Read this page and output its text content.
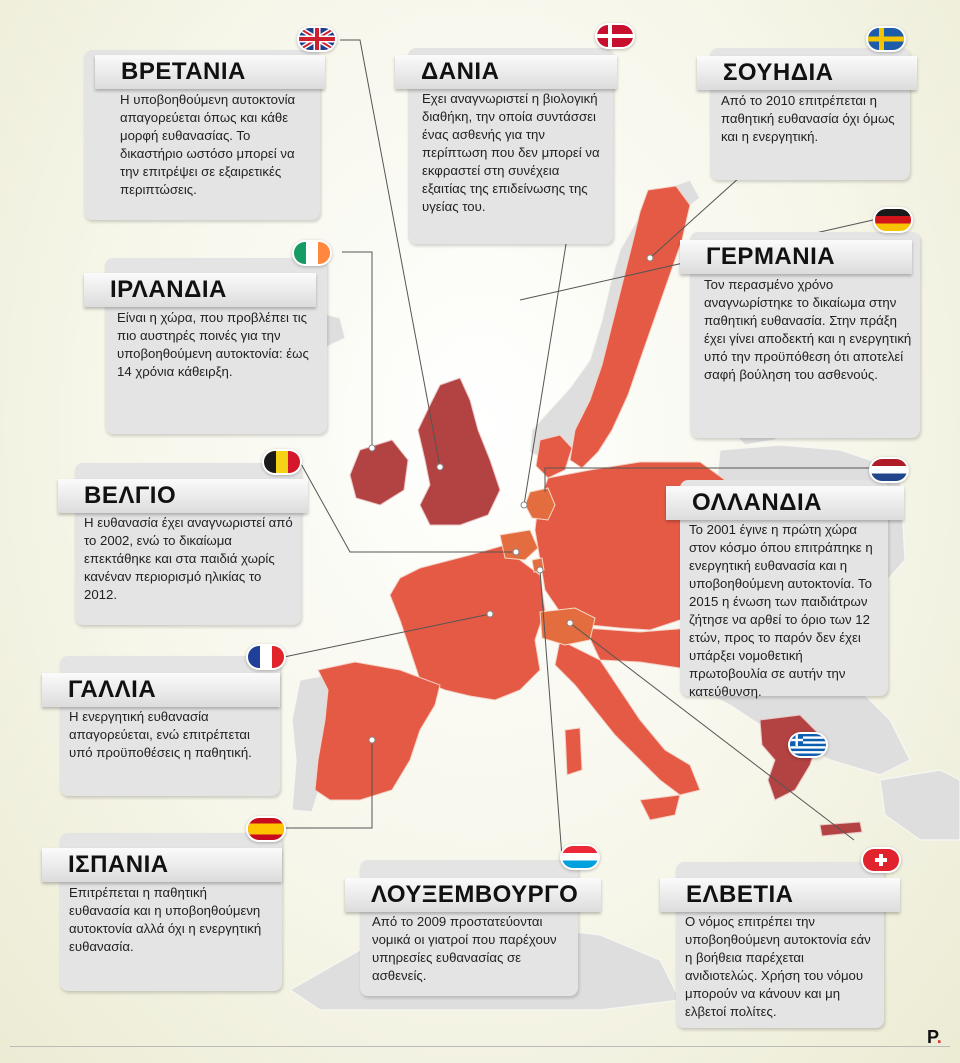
ΒΡΕΤΑΝΙΑ
Η υποβοηθούμενη αυτοκτονία απαγορεύεται όπως και κάθε μορφή ευθανασίας. Το δικαστήριο ωστόσο μπορεί να την επιτρέψει σε εξαιρετικές περιπτώσεις.
ΔΑΝΙΑ
Εχει αναγνωριστεί η βιολογική διαθήκη, την οποία συντάσσει ένας ασθενής για την περίπτωση που δεν μπορεί να εκφραστεί στη συνέχεια εξαιτίας της επιδείνωσης της υγείας του.
ΣΟΥΗΔΙΑ
Από το 2010 επιτρέπεται η παθητική ευθανασία όχι όμως και η ενεργητική.
ΓΕΡΜΑΝΙΑ
Τον περασμένο χρόνο αναγνωρίστηκε το δικαίωμα στην παθητική ευθανασία. Στην πράξη έχει γίνει αποδεκτή και η ενεργητική υπό την προϋπόθεση ότι αποτελεί σαφή βούληση του ασθενούς.
ΙΡΛΑΝΔΙΑ
Είναι η χώρα, που προβλέπει τις πιο αυστηρές ποινές για την υποβοηθούμενη αυτοκτονία: έως 14 χρόνια κάθειρξη.
ΒΕΛΓΙΟ
Η ευθανασία έχει αναγνωριστεί από το 2002, ενώ το δικαίωμα επεκτάθηκε και στα παιδιά χωρίς κανέναν περιορισμό ηλικίας το 2012.
ΟΛΛΑΝΔΙΑ
Το 2001 έγινε η πρώτη χώρα στον κόσμο όπου επιτράπηκε η ενεργητική ευθανασία και η υποβοηθούμενη αυτοκτονία. Το 2015 η ένωση των παιδιάτρων ζήτησε να αρθεί το όριο των 12 ετών, προς το παρόν δεν έχει υπάρξει νομοθετική πρωτοβουλία σε αυτήν την κατεύθυνση.
ΓΑΛΛΙΑ
Η ενεργητική ευθανασία απαγορεύεται, ενώ επιτρέπεται υπό προϋποθέσεις η παθητική.
ΙΣΠΑΝΙΑ
Επιτρέπεται η παθητική ευθανασία και η υποβοηθούμενη αυτοκτονία αλλά όχι η ενεργητική ευθανασία.
ΛΟΥΞΕΜΒΟΥΡΓΟ
Από το 2009 προστατεύονται νομικά οι γιατροί που παρέχουν υπηρεσίες ευθανασίας σε ασθενείς.
ΕΛΒΕΤΙΑ
Ο νόμος επιτρέπει την υποβοηθούμενη αυτοκτονία εάν η βοήθεια παρέχεται ανιδιοτελώς. Χρήση του νόμου μπορούν να κάνουν και μη ελβετοί πολίτες.
P.
